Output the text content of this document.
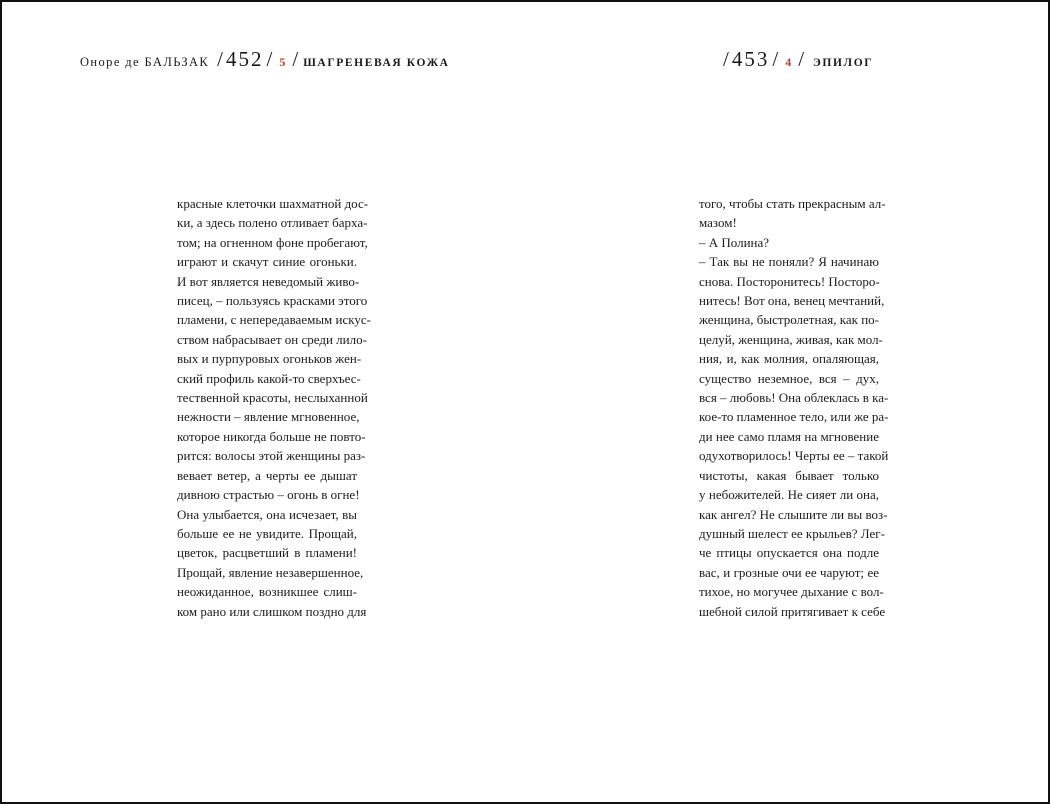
Оноре де БАЛЬЗАК / 452 / 5 / ШАГРЕНЕВАЯ КОЖА	/ 453 / 4 / ЭПИЛОГ
красные клеточки шахматной дос-
ки, а здесь полено отливает барха-
том; на огненном фоне пробегают,
играют и скачут синие огоньки.
И вот является неведомый живо-
писец, – пользуясь красками этого
пламени, с непередаваемым искус-
ством набрасывает он среди лило-
вых и пурпуровых огоньков жен-
ский профиль какой-то сверхъес-
тественной красоты, неслыханной
нежности – явление мгновенное,
которое никогда больше не повто-
рится: волосы этой женщины раз-
вевает ветер, а черты ее дышат
дивною страстью – огонь в огне!
Она улыбается, она исчезает, вы
больше ее не увидите. Прощай,
цветок, расцветший в пламени!
Прощай, явление незавершенное,
неожиданное, возникшее слиш-
ком рано или слишком поздно для
того, чтобы стать прекрасным ал-
мазом!
– А Полина?
– Так вы не поняли? Я начинаю
снова. Посторонитесь! Посторо-
нитесь! Вот она, венец мечтаний,
женщина, быстролетная, как по-
целуй, женщина, живая, как мол-
ния, и, как молния, опаляющая,
существо неземное, вся – дух,
вся – любовь! Она облеклась в ка-
кое-то пламенное тело, или же ра-
ди нее само пламя на мгновение
одухотворилось! Черты ее – такой
чистоты, какая бывает только
у небожителей. Не сияет ли она,
как ангел? Не слышите ли вы воз-
душный шелест ее крыльев? Лег-
че птицы опускается она подле
вас, и грозные очи ее чаруют; ее
тихое, но могучее дыхание с вол-
шебной силой притягивает к себе
